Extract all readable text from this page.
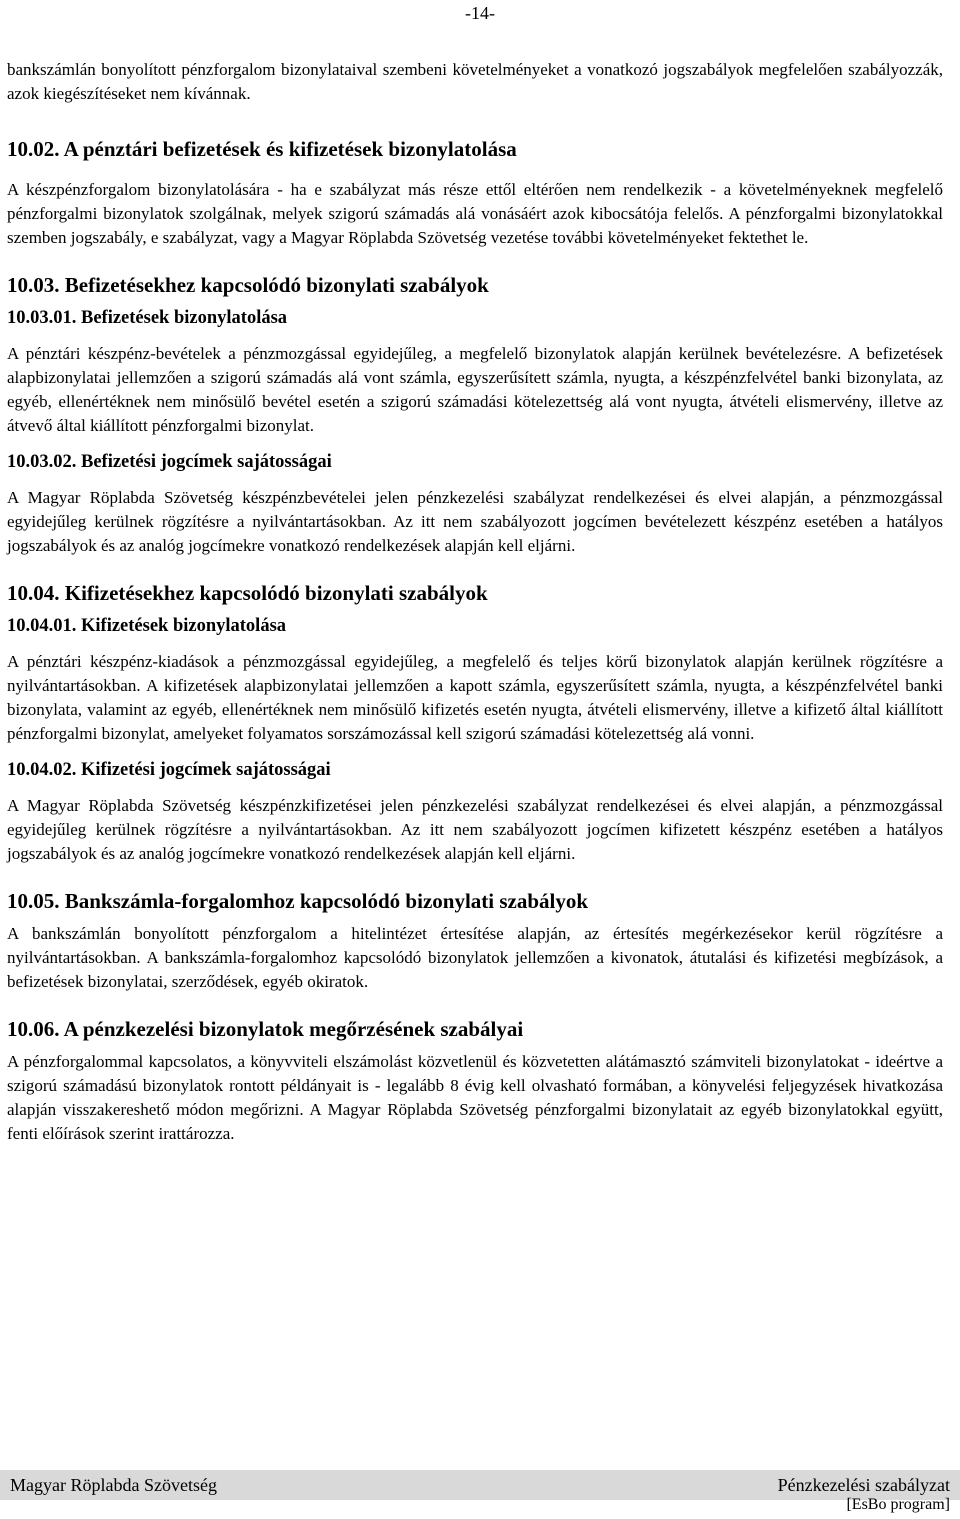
-14-

bankszámlán bonyolított pénzforgalom bizonylataival szembeni követelményeket a vonatkozó jogszabályok megfelelően szabályozzák, azok kiegészítéseket nem kívánnak.

10.02. A pénztári befizetések és kifizetések bizonylatolása

A készpénzforgalom bizonylatolására - ha e szabályzat más része ettől eltérően nem rendelkezik - a követelményeknek megfelelő pénzforgalmi bizonylatok szolgálnak, melyek szigorú számadás alá vonásáért azok kibocsátója felelős. A pénzforgalmi bizonylatokkal szemben jogszabály, e szabályzat, vagy a Magyar Röplabda Szövetség vezetése további követelményeket fektethet le.

10.03. Befizetésekhez kapcsolódó bizonylati szabályok
10.03.01. Befizetések bizonylatolása

A pénztári készpénz-bevételek a pénzmozgással egyidejűleg, a megfelelő bizonylatok alapján kerülnek bevételezésre. A befizetések alapbizonylatai jellemzően a szigorú számadás alá vont számla, egyszerűsített számla, nyugta, a készpénzfelvétel banki bizonylata, az egyéb, ellenértéknek nem minősülő bevétel esetén a szigorú számadási kötelezettség alá vont nyugta, átvételi elismervény, illetve az átvevő által kiállított pénzforgalmi bizonylat.

10.03.02. Befizetési jogcímek sajátosságai

A Magyar Röplabda Szövetség készpénzbevételei jelen pénzkezelési szabályzat rendelkezései és elvei alapján, a pénzmozgással egyidejűleg kerülnek rögzítésre a nyilvántartásokban. Az itt nem szabályozott jogcímen bevételezett készpénz esetében a hatályos jogszabályok és az analóg jogcímekre vonatkozó rendelkezések alapján kell eljárni.

10.04. Kifizetésekhez kapcsolódó bizonylati szabályok
10.04.01. Kifizetések bizonylatolása

A pénztári készpénz-kiadások a pénzmozgással egyidejűleg, a megfelelő és teljes körű bizonylatok alapján kerülnek rögzítésre a nyilvántartásokban. A kifizetések alapbizonylatai jellemzően a kapott számla, egyszerűsített számla, nyugta, a készpénzfelvétel banki bizonylata, valamint az egyéb, ellenértéknek nem minősülő kifizetés esetén nyugta, átvételi elismervény, illetve a kifizető által kiállított pénzforgalmi bizonylat, amelyeket folyamatos sorszámozással kell szigorú számadási kötelezettség alá vonni.

10.04.02. Kifizetési jogcímek sajátosságai

A Magyar Röplabda Szövetség készpénzkifizetései jelen pénzkezelési szabályzat rendelkezései és elvei alapján, a pénzmozgással egyidejűleg kerülnek rögzítésre a nyilvántartásokban. Az itt nem szabályozott jogcímen kifizetett készpénz esetében a hatályos jogszabályok és az analóg jogcímekre vonatkozó rendelkezések alapján kell eljárni.

10.05. Bankszámla-forgalomhoz kapcsolódó bizonylati szabályok

A bankszámlán bonyolított pénzforgalom a hitelintézet értesítése alapján, az értesítés megérkezésekor kerül rögzítésre a nyilvántartásokban. A bankszámla-forgalomhoz kapcsolódó bizonylatok jellemzően a kivonatok, átutalási és kifizetési megbízások, a befizetések bizonylatai, szerződések, egyéb okiratok.

10.06. A pénzkezelési bizonylatok megőrzésének szabályai

A pénzforgalommal kapcsolatos, a könyvviteli elszámolást közvetlenül és közvetetten alátámasztó számviteli bizonylatokat - ideértve a szigorú számadású bizonylatok rontott példányait is - legalább 8 évig kell olvasható formában, a könyvelési feljegyzések hivatkozása alapján visszakereshető módon megőrizni. A Magyar Röplabda Szövetség pénzforgalmi bizonylatait az egyéb bizonylatokkal együtt, fenti előírások szerint irattározza.

Magyar Röplabda Szövetség	Pénzkezelési szabályzat
[EsBo program]
